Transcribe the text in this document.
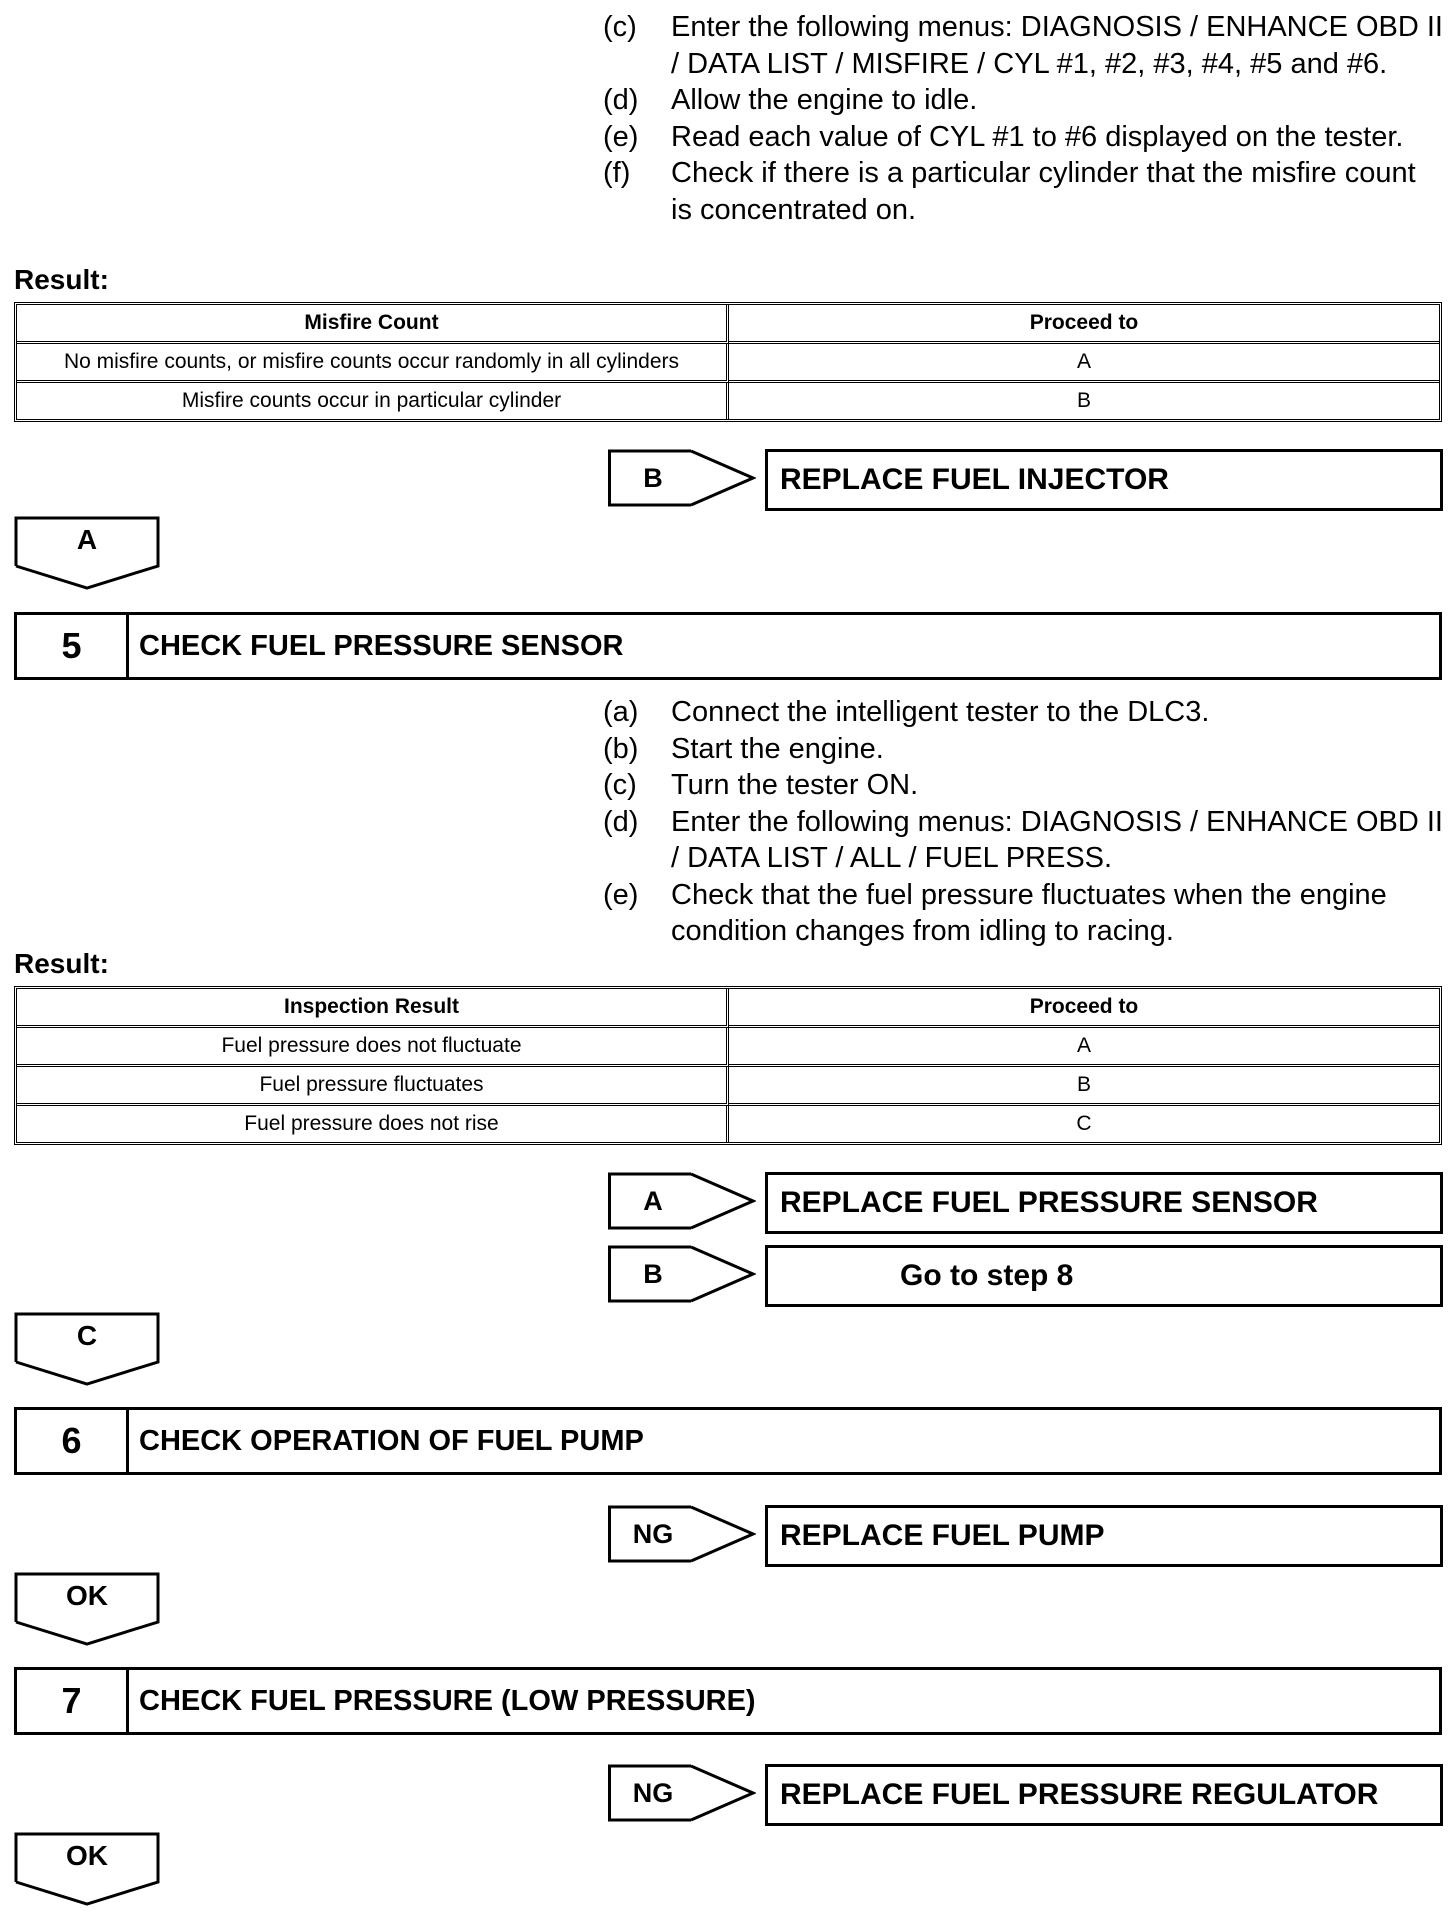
(c)	Enter the following menus: DIAGNOSIS / ENHANCE OBD II / DATA LIST / MISFIRE / CYL #1, #2, #3, #4, #5 and #6.
(d)	Allow the engine to idle.
(e)	Read each value of CYL #1 to #6 displayed on the tester.
(f)	Check if there is a particular cylinder that the misfire count is concentrated on.
Result:
Misfire Count	Proceed to
No misfire counts, or misfire counts occur randomly in all cylinders	A
Misfire counts occur in particular cylinder	B
B	REPLACE FUEL INJECTOR
A
5	CHECK FUEL PRESSURE SENSOR
(a)	Connect the intelligent tester to the DLC3.
(b)	Start the engine.
(c)	Turn the tester ON.
(d)	Enter the following menus: DIAGNOSIS / ENHANCE OBD II / DATA LIST / ALL / FUEL PRESS.
(e)	Check that the fuel pressure fluctuates when the engine condition changes from idling to racing.
Result:
Inspection Result	Proceed to
Fuel pressure does not fluctuate	A
Fuel pressure fluctuates	B
Fuel pressure does not rise	C
A	REPLACE FUEL PRESSURE SENSOR
B	Go to step 8
C
6	CHECK OPERATION OF FUEL PUMP
NG	REPLACE FUEL PUMP
OK
7	CHECK FUEL PRESSURE (LOW PRESSURE)
NG	REPLACE FUEL PRESSURE REGULATOR
OK
